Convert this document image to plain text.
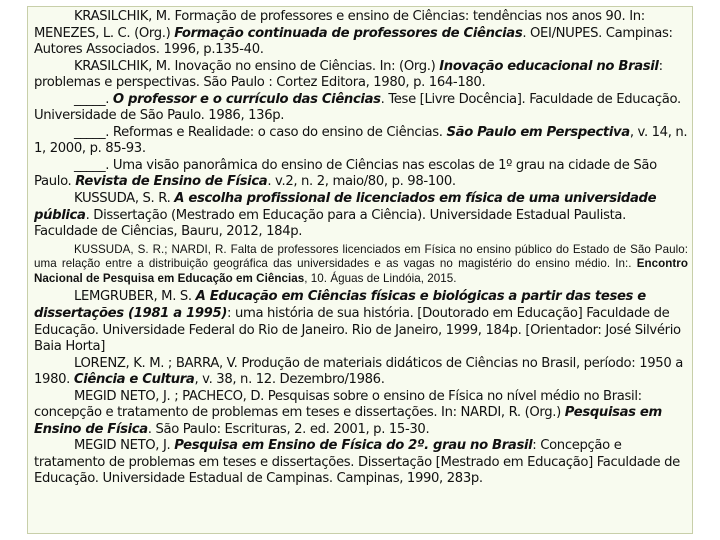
KRASILCHIK, M. Formação de professores e ensino de Ciências: tendências nos anos 90. In: MENEZES, L. C. (Org.) Formação continuada de professores de Ciências. OEI/NUPES. Campinas: Autores Associados. 1996, p.135-40.

KRASILCHIK, M. Inovação no ensino de Ciências. In: (Org.) Inovação educacional no Brasil: problemas e perspectivas. São Paulo : Cortez Editora, 1980, p. 164-180.

_____. O professor e o currículo das Ciências. Tese [Livre Docência]. Faculdade de Educação. Universidade de São Paulo. 1986, 136p.

_____. Reformas e Realidade: o caso do ensino de Ciências. São Paulo em Perspectiva, v. 14, n. 1, 2000, p. 85-93.

_____. Uma visão panorâmica do ensino de Ciências nas escolas de 1º grau na cidade de São Paulo. Revista de Ensino de Física. v.2, n. 2, maio/80, p. 98-100.

KUSSUDA, S. R. A escolha profissional de licenciados em física de uma universidade pública. Dissertação (Mestrado em Educação para a Ciência). Universidade Estadual Paulista. Faculdade de Ciências, Bauru, 2012, 184p.

KUSSUDA, S. R.; NARDI, R. Falta de professores licenciados em Física no ensino público do Estado de São Paulo: uma relação entre a distribuição geográfica das universidades e as vagas no magistério do ensino médio. In:. Encontro Nacional de Pesquisa em Educação em Ciências, 10. Águas de Lindóia, 2015.

LEMGRUBER, M. S. A Educação em Ciências físicas e biológicas a partir das teses e dissertações (1981 a 1995): uma história de sua história. [Doutorado em Educação] Faculdade de Educação. Universidade Federal do Rio de Janeiro. Rio de Janeiro, 1999, 184p. [Orientador: José Silvério Baia Horta]

LORENZ, K. M. ; BARRA, V. Produção de materiais didáticos de Ciências no Brasil, período: 1950 a 1980. Ciência e Cultura, v. 38, n. 12. Dezembro/1986.

MEGID NETO, J. ; PACHECO, D. Pesquisas sobre o ensino de Física no nível médio no Brasil: concepção e tratamento de problemas em teses e dissertações. In: NARDI, R. (Org.) Pesquisas em Ensino de Física. São Paulo: Escrituras, 2. ed. 2001, p. 15-30.

MEGID NETO, J. Pesquisa em Ensino de Física do 2º. grau no Brasil: Concepção e tratamento de problemas em teses e dissertações. Dissertação [Mestrado em Educação] Faculdade de Educação. Universidade Estadual de Campinas. Campinas, 1990, 283p.
